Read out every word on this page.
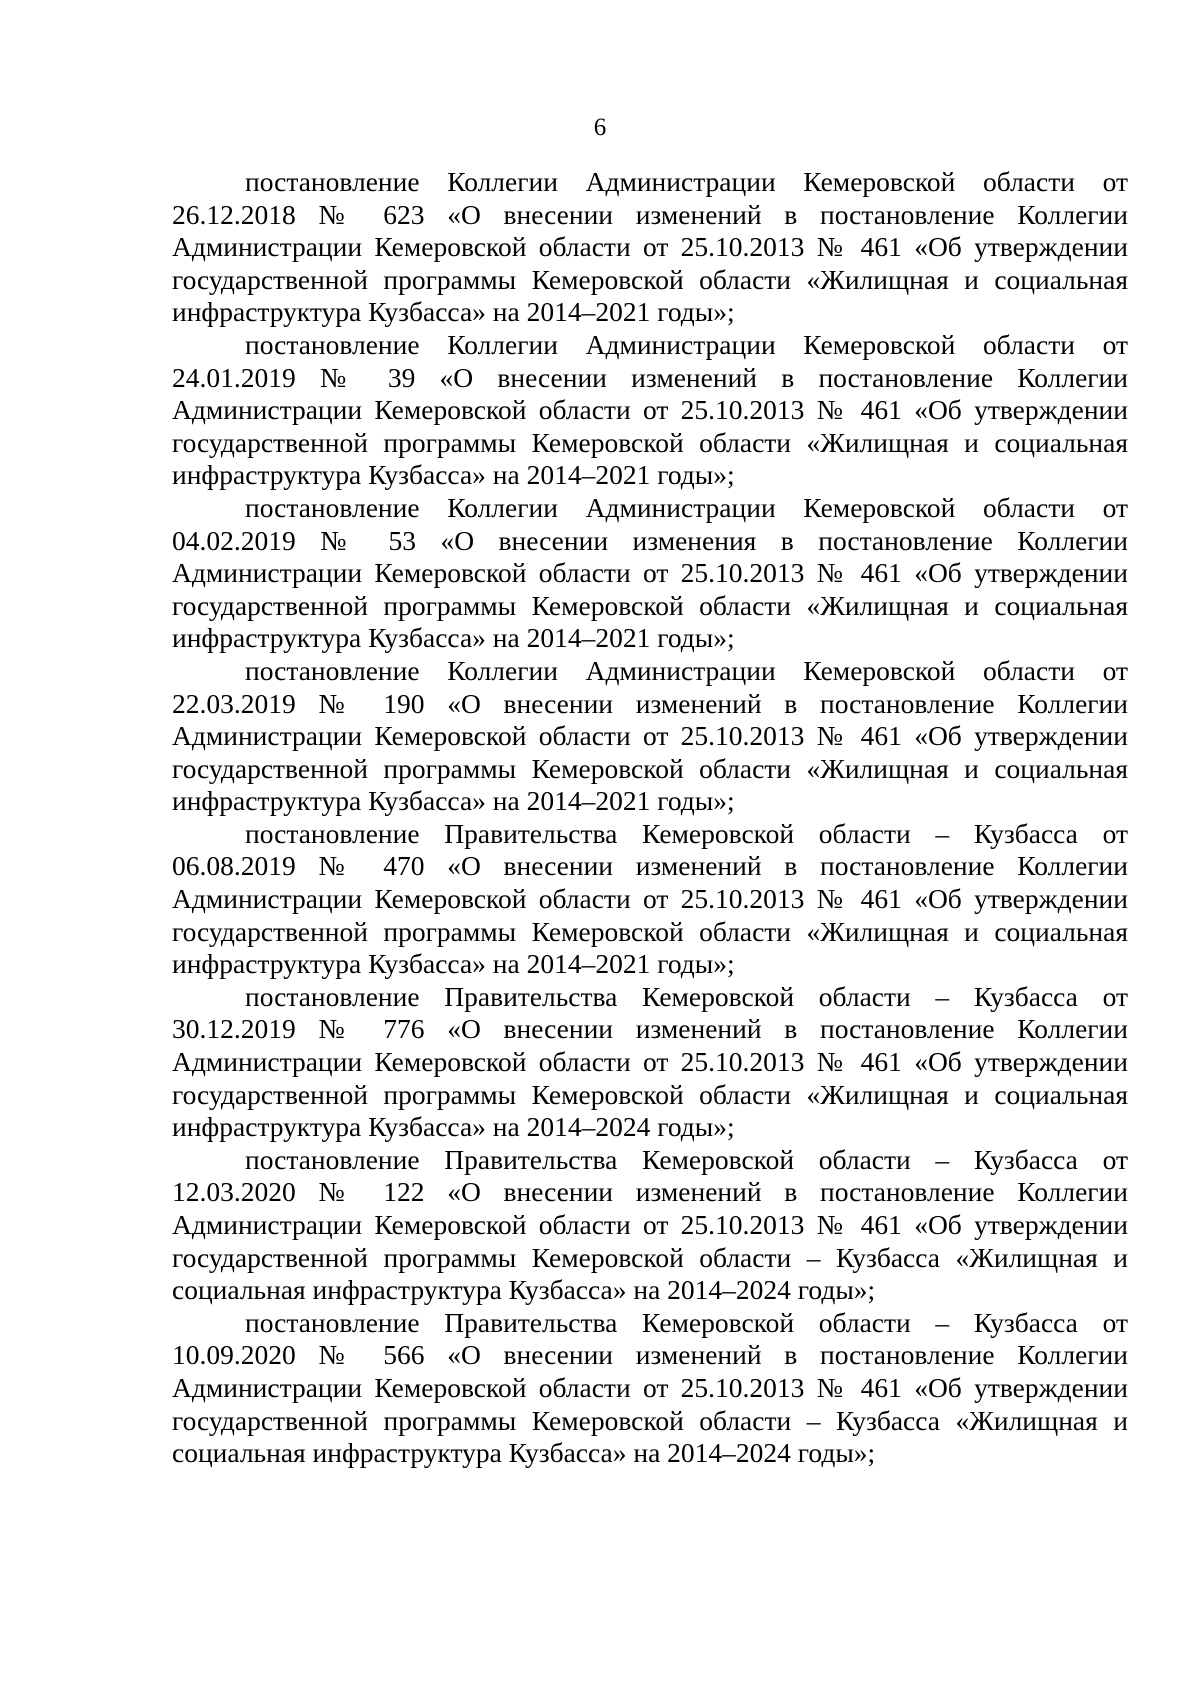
6

постановление Коллегии Администрации Кемеровской области от 26.12.2018 № 623 «О внесении изменений в постановление Коллегии Администрации Кемеровской области от 25.10.2013 № 461 «Об утверждении государственной программы Кемеровской области «Жилищная и социальная инфраструктура Кузбасса» на 2014–2021 годы»;

постановление Коллегии Администрации Кемеровской области от 24.01.2019 № 39 «О внесении изменений в постановление Коллегии Администрации Кемеровской области от 25.10.2013 № 461 «Об утверждении государственной программы Кемеровской области «Жилищная и социальная инфраструктура Кузбасса» на 2014–2021 годы»;

постановление Коллегии Администрации Кемеровской области от 04.02.2019 № 53 «О внесении изменения в постановление Коллегии Администрации Кемеровской области от 25.10.2013 № 461 «Об утверждении государственной программы Кемеровской области «Жилищная и социальная инфраструктура Кузбасса» на 2014–2021 годы»;

постановление Коллегии Администрации Кемеровской области от 22.03.2019 № 190 «О внесении изменений в постановление Коллегии Администрации Кемеровской области от 25.10.2013 № 461 «Об утверждении государственной программы Кемеровской области «Жилищная и социальная инфраструктура Кузбасса» на 2014–2021 годы»;

постановление Правительства Кемеровской области – Кузбасса от 06.08.2019 № 470 «О внесении изменений в постановление Коллегии Администрации Кемеровской области от 25.10.2013 № 461 «Об утверждении государственной программы Кемеровской области «Жилищная и социальная инфраструктура Кузбасса» на 2014–2021 годы»;

постановление Правительства Кемеровской области – Кузбасса от 30.12.2019 № 776 «О внесении изменений в постановление Коллегии Администрации Кемеровской области от 25.10.2013 № 461 «Об утверждении государственной программы Кемеровской области «Жилищная и социальная инфраструктура Кузбасса» на 2014–2024 годы»;

постановление Правительства Кемеровской области – Кузбасса от 12.03.2020 № 122 «О внесении изменений в постановление Коллегии Администрации Кемеровской области от 25.10.2013 № 461 «Об утверждении государственной программы Кемеровской области – Кузбасса «Жилищная и социальная инфраструктура Кузбасса» на 2014–2024 годы»;

постановление Правительства Кемеровской области – Кузбасса от 10.09.2020 № 566 «О внесении изменений в постановление Коллегии Администрации Кемеровской области от 25.10.2013 № 461 «Об утверждении государственной программы Кемеровской области – Кузбасса «Жилищная и социальная инфраструктура Кузбасса» на 2014–2024 годы»;
